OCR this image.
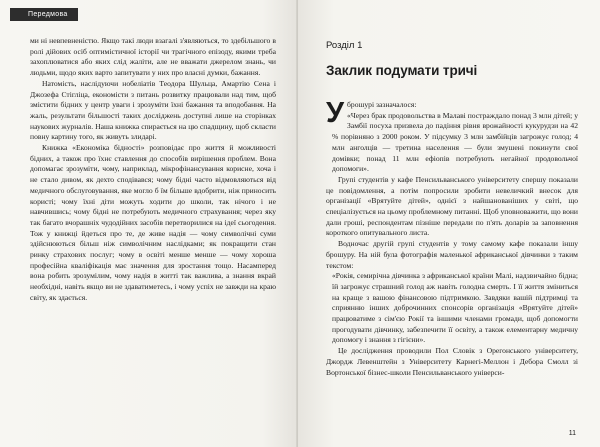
Передмова

ми ні невпевненістю. Якщо такі люди взагалі з'являються, то здебільшого в ролі дійових осіб оптимістичної історії чи трагічного епізоду, якими треба захоплюватися або яких слід жаліти, але не вважати джерелом знань, чи людьми, щодо яких варто запитувати у них про власні думки, бажання.

Натомість, наслідуючи нобеліатів Теодора Шульца, Амартію Сена і Джозефа Стігліца, економісти з питань розвитку працювали над тим, щоб змістити бідних у центр уваги і зрозуміти їхні бажання та вподобання. На жаль, результати більшості таких досліджень доступні лише на сторінках наукових журналів. Наша книжка спирається на цю спадщину, щоб скласти повну картину того, як живуть злидарі.

Книжка «Економіка бідності» розповідає про життя й можливості бідних, а також про їхнє ставлення до способів вирішення проблем. Вона допомагає зрозуміти, чому, наприклад, мікрофінансування корисне, хоча і не стало дивом, як дехто сподівався; чому бідні часто відмовляються від медичного обслуговування, яке могло б їм більше вдобрити, ніж приносить користі; чому їхні діти можуть ходити до школи, так нічого і не навчившись; чому бідні не потребують медичного страхування; через яку так багато вчорашніх чудодійних засобів перетворилися на ідеї сьогодення. Тож у книжці йдеться про те, де живе надія — чому символічні суми здійснюються більш ніж символічним наслідками; як покращити стан ринку страхових послуг; чому в освіті менше менше — чому хороша професійна кваліфікація має значення для зростання тощо. Насамперед вона робить зрозумілим, чому надія в житті так важлива, а знання вкрай необхідні, навіть якщо ви не здаватиметесь, і чому успіх не завжди на краю світу, як здається.

Розділ 1
Заклик подумати тричі

Уброшурі зазначалося:

«Через брак продовольства в Малаві постраждало понад 3 млн дітей; у Замбії посуха призвела до падіння рівня врожайності кукурудзи на 42 % порівняно з 2000 роком. У підсумку 3 млн замбійців загрожує голод; 4 млн анголців — третина населення — були змушені покинути свої домівки; понад 11 млн ефіопів потребують негайної продовольчої допомоги».

Групі студентів у кафе Пенсильванського університету спершу показали це повідомлення, а потім попросили зробити невеличкий внесок для організації «Врятуйте дітей», однієї з найшанованіших у світі, що спеціалізується на цьому проблемному питанні. Щоб уповноважити, що вони дали гроші, респондентам пізніше передали по п'ять доларів за заповнення короткого опитувального листа.

Водночас другій групі студентів у тому самому кафе показали іншу брошуру. На ній була фотографія маленької африканської дівчинки з таким текстом:

«Рокія, семирічна дівчинка з африканської країни Малі, надзвичайно бідна; їй загрожує страшний голод аж навіть голодна смерть. І її життя зміниться на краще з вашою фінансовою підтримкою. Завдяки вашій підтримці та сприянню інших доброчинних спонсорів організація «Врятуйте дітей» працюватиме з сім'єю Рокії та іншими членами громади, щоб допомогти прогодувати дівчинку, забезпечити її освіту, а також елементарну медичну допомогу і знання з гігієни».

Це дослідження проводили Пол Словік з Орегонського університету, Джордж Левенштейн з Університету Карнегі-Меллон і Дебора Смолл зі Вортонської бізнес-школи Пенсильванського універси-

11
